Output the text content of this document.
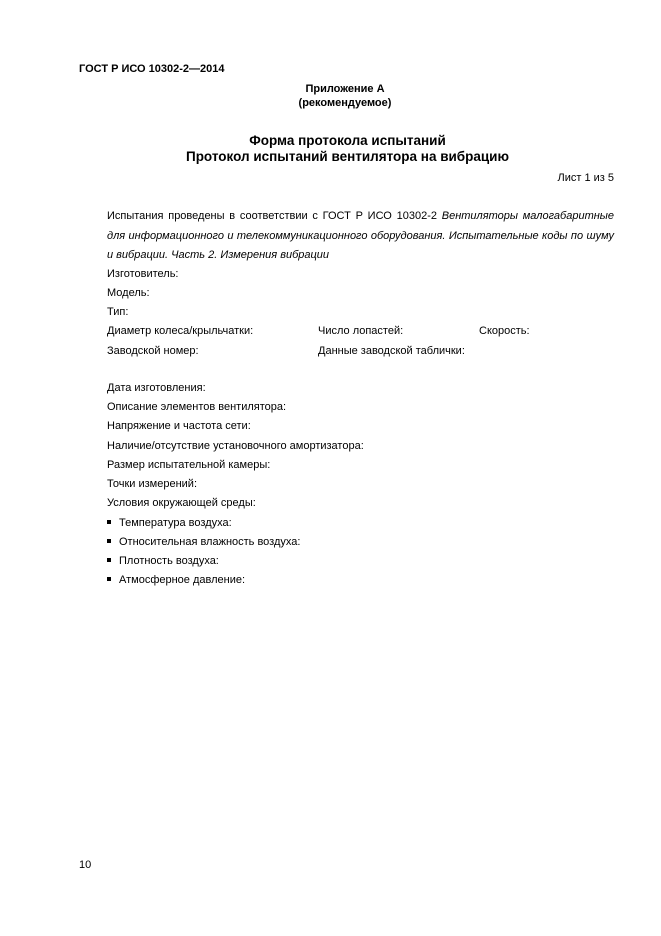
ГОСТ Р ИСО 10302-2—2014
Приложение А
(рекомендуемое)
Форма протокола испытаний
Протокол испытаний вентилятора на вибрацию
Лист 1 из 5
Испытания проведены в соответствии с ГОСТ Р ИСО 10302-2 Вентиляторы малогабаритные для информационного и телекоммуникационного оборудования. Испытательные коды по шуму и вибрации. Часть 2. Измерения вибрации
Изготовитель:
Модель:
Тип:
Диаметр колеса/крыльчатки:	Число лопастей:	Скорость:
Заводской номер:	Данные заводской таблички:
Дата изготовления:
Описание элементов вентилятора:
Напряжение и частота сети:
Наличие/отсутствие установочного амортизатора:
Размер испытательной камеры:
Точки измерений:
Условия окружающей среды:
Температура воздуха:
Относительная влажность воздуха:
Плотность воздуха:
Атмосферное давление:
10
